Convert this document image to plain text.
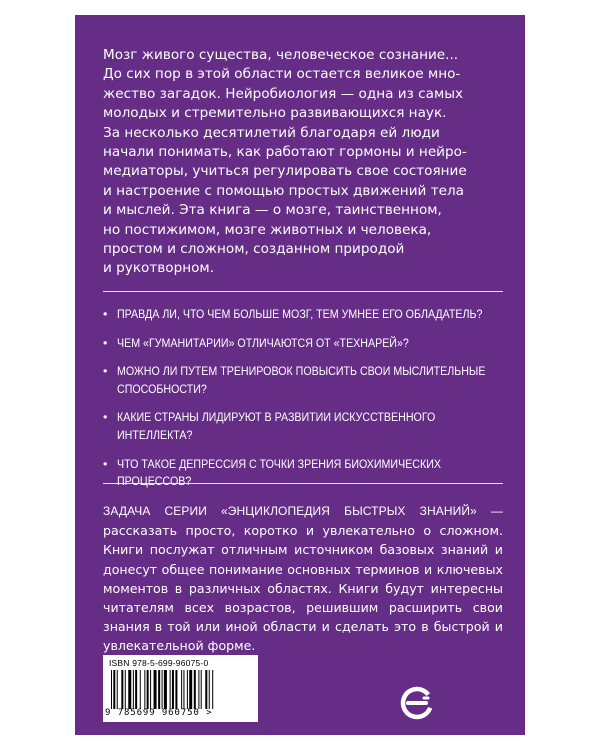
Мозг живого существа, человеческое сознание...
До сих пор в этой области остается великое мно-
жество загадок. Нейробиология — одна из самых
молодых и стремительно развивающихся наук.
За несколько десятилетий благодаря ей люди
начали понимать, как работают гормоны и нейро-
медиаторы, учиться регулировать свое состояние
и настроение с помощью простых движений тела
и мыслей. Эта книга — о мозге, таинственном,
но постижимом, мозге животных и человека,
простом и сложном, созданном природой
и рукотворном.

• ПРАВДА ЛИ, ЧТО ЧЕМ БОЛЬШЕ МОЗГ, ТЕМ УМНЕЕ ЕГО ОБЛАДАТЕЛЬ?
• ЧЕМ «ГУМАНИТАРИИ» ОТЛИЧАЮТСЯ ОТ «ТЕХНАРЕЙ»?
• МОЖНО ЛИ ПУТЕМ ТРЕНИРОВОК ПОВЫСИТЬ СВОИ МЫСЛИТЕЛЬНЫЕ СПОСОБНОСТИ?
• КАКИЕ СТРАНЫ ЛИДИРУЮТ В РАЗВИТИИ ИСКУССТВЕННОГО ИНТЕЛЛЕКТА?
• ЧТО ТАКОЕ ДЕПРЕССИЯ С ТОЧКИ ЗРЕНИЯ БИОХИМИЧЕСКИХ ПРОЦЕССОВ?

ЗАДАЧА СЕРИИ «ЭНЦИКЛОПЕДИЯ БЫСТРЫХ ЗНАНИЙ» — рассказать просто, коротко и увлекательно о сложном. Книги послужат отличным источником базовых знаний и донесут общее понимание основных терминов и ключевых моментов в различных областях. Книги будут интересны читателям всех возрастов, решившим расширить свои знания в той или иной области и сделать это в быстрой и увлекательной форме.

ISBN 978-5-699-96075-0
9 785699 960750 >
